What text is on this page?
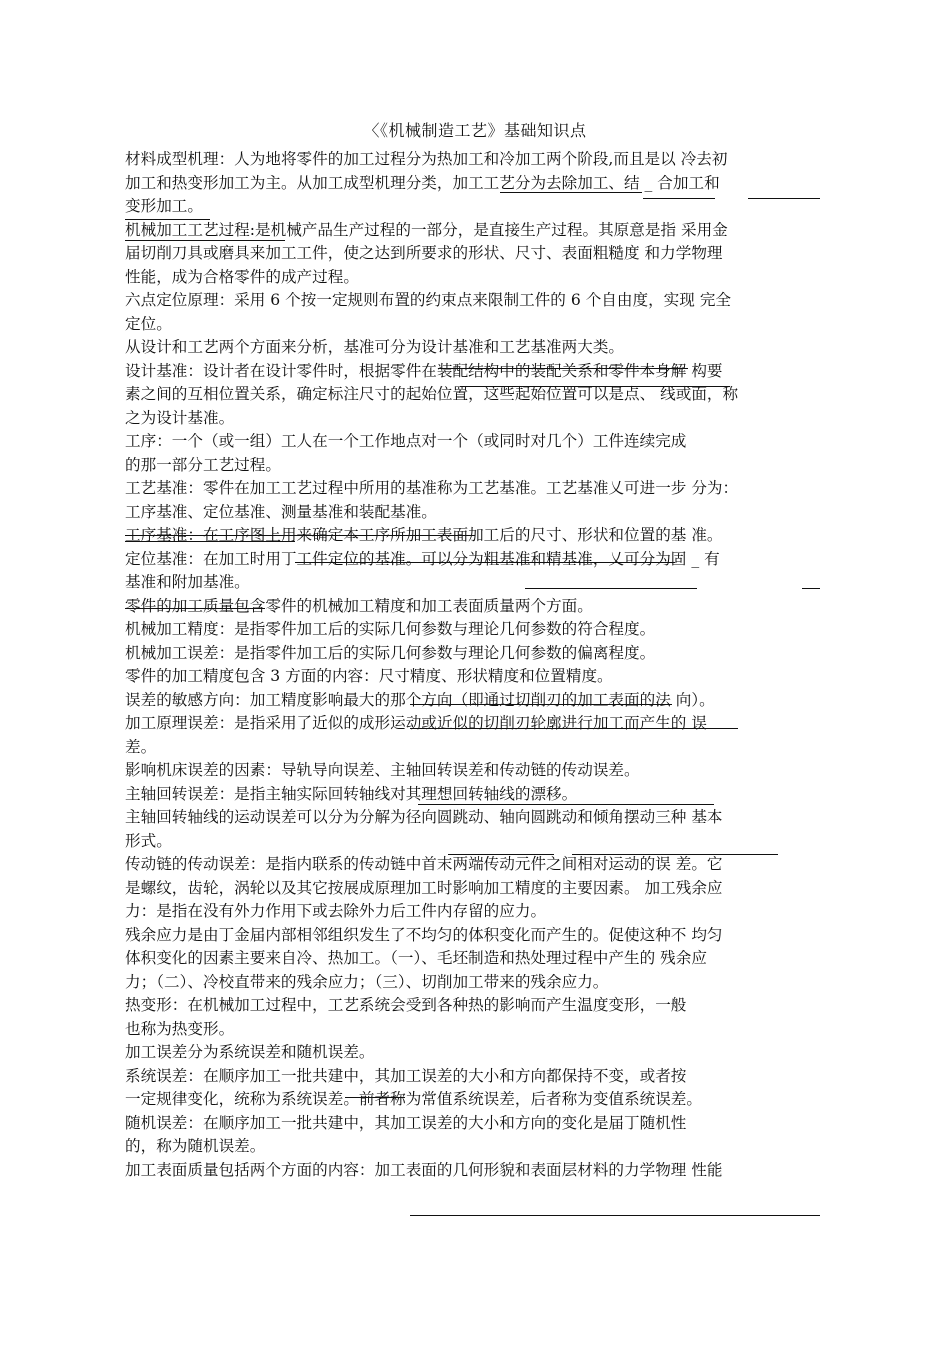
〈《机械制造工艺》基础知识点
材料成型机理：人为地将零件的加工过程分为热加工和冷加工两个阶段,而且是以 冷去初
加工和热变形加工为主。从加工成型机理分类，加工工艺分为去除加工、结 _ 合加工和
变形加工。
机械加工工艺过程:是机械产品生产过程的一部分，是直接生产过程。其原意是指 采用金
届切削刀具或磨具来加工工件，使之达到所要求的形状、尺寸、表面粗糙度 和力学物理
性能，成为合格零件的成产过程。
六点定位原理：采用 6 个按一定规则布置的约束点来限制工件的 6 个自由度，实现 完全
定位。
从设计和工艺两个方面来分析，基准可分为设计基准和工艺基准两大类。
设计基准：设计者在设计零件时，根据零件在装配结构中的装配关系和零件本身解 构要
素之间的互相位置关系，确定标注尺寸的起始位置，这些起始位置可以是点、 线或面，称
之为设计基准。
工序：一个（或一组）工人在一个工作地点对一个（或同时对几个）工件连续完成
的那一部分工艺过程。
工艺基准：零件在加工工艺过程中所用的基准称为工艺基准。工艺基准乂可进一步 分为：
工序基准、定位基准、测量基准和装配基准。
工序基准：在工序图上用来确定本工序所加工表面加工后的尺寸、形状和位置的基 准。
定位基准：在加工时用丁工件定位的基准。可以分为粗基准和精基准，乂可分为固 _ 有
基准和附加基准。
零件的加工质量包含零件的机械加工精度和加工表面质量两个方面。
机械加工精度：是指零件加工后的实际几何参数与理论几何参数的符合程度。
机械加工误差：是指零件加工后的实际几何参数与理论几何参数的偏离程度。
零件的加工精度包含 3 方面的内容：尺寸精度、形状精度和位置精度。
误差的敏感方向：加工精度影响最大的那个方向（即通过切削刃的加工表面的法 向）。
加工原理误差：是指采用了近似的成形运动或近似的切削刃轮廓进行加工而产生的 误
差。
影响机床误差的因素：导轨导向误差、主轴回转误差和传动链的传动误差。
主轴回转误差：是指主轴实际回转轴线对其理想回转轴线的漂移。
主轴回转轴线的运动误差可以分为分解为径向圆跳动、轴向圆跳动和倾角摆动三种 基本
形式。
传动链的传动误差：是指内联系的传动链中首末两端传动元件之间相对运动的误 差。它
是螺纹，齿轮，涡轮以及其它按展成原理加工时影响加工精度的主要因素。 加工残余应
力：是指在没有外力作用下或去除外力后工件内存留的应力。
残余应力是由丁金届内部相邻组织发生了不均匀的体积变化而产生的。促使这种不 均匀
体积变化的因素主要来自冷、热加工。（一）、毛坯制造和热处理过程中产生的 残余应
力；（二）、冷校直带来的残余应力；（三）、切削加工带来的残余应力。
热变形：在机械加工过程中，工艺系统会受到各种热的影响而产生温度变形，一般
也称为热变形。
加工误差分为系统误差和随机误差。
系统误差：在顺序加工一批共建中，其加工误差的大小和方向都保持不变，或者按
一定规律变化，统称为系统误差。前者称为常值系统误差，后者称为变值系统误差。
随机误差：在顺序加工一批共建中，其加工误差的大小和方向的变化是届丁随机性
的，称为随机误差。
加工表面质量包括两个方面的内容：加工表面的几何形貌和表面层材料的力学物理 性能
